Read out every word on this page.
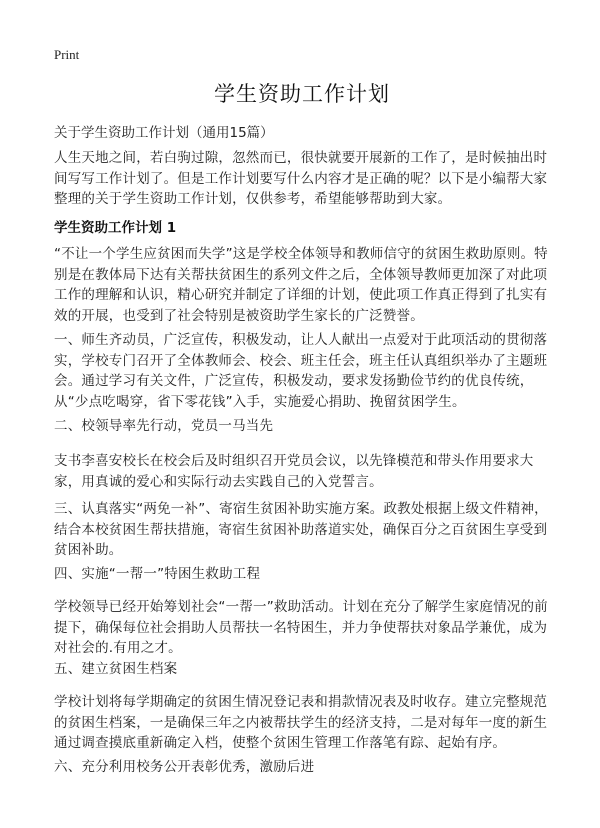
Print
学生资助工作计划
关于学生资助工作计划（通用15篇）
人生天地之间，若白驹过隙，忽然而已，很快就要开展新的工作了，是时候抽出时间写写工作计划了。但是工作计划要写什么内容才是正确的呢？以下是小编帮大家整理的关于学生资助工作计划，仅供参考，希望能够帮助到大家。
学生资助工作计划 1
“不让一个学生应贫困而失学”这是学校全体领导和教师信守的贫困生救助原则。特别是在教体局下达有关帮扶贫困生的系列文件之后，全体领导教师更加深了对此项工作的理解和认识，精心研究并制定了详细的计划，使此项工作真正得到了扎实有效的开展，也受到了社会特别是被资助学生家长的广泛赞誉。
一、师生齐动员，广泛宣传，积极发动，让人人献出一点爱对于此项活动的贯彻落实，学校专门召开了全体教师会、校会、班主任会，班主任认真组织举办了主题班会。通过学习有关文件，广泛宣传，积极发动，要求发扬勤俭节约的优良传统，从“少点吃喝穿，省下零花钱”入手，实施爱心捐助、挽留贫困学生。
二、校领导率先行动，党员一马当先
支书李喜安校长在校会后及时组织召开党员会议，以先锋模范和带头作用要求大家，用真诚的爱心和实际行动去实践自己的入党誓言。
三、认真落实“两免一补”、寄宿生贫困补助实施方案。政教处根据上级文件精神，结合本校贫困生帮扶措施，寄宿生贫困补助落道实处，确保百分之百贫困生享受到贫困补助。
四、实施“一帮一”特困生救助工程
学校领导已经开始筹划社会“一帮一”救助活动。计划在充分了解学生家庭情况的前提下，确保每位社会捐助人员帮扶一名特困生，并力争使帮扶对象品学兼优，成为对社会的.有用之才。
五、建立贫困生档案
学校计划将每学期确定的贫困生情况登记表和捐款情况表及时收存。建立完整规范的贫困生档案，一是确保三年之内被帮扶学生的经济支持，二是对每年一度的新生通过调查摸底重新确定入档，使整个贫困生管理工作落笔有踪、起始有序。
六、充分利用校务公开表彰优秀，激励后进
